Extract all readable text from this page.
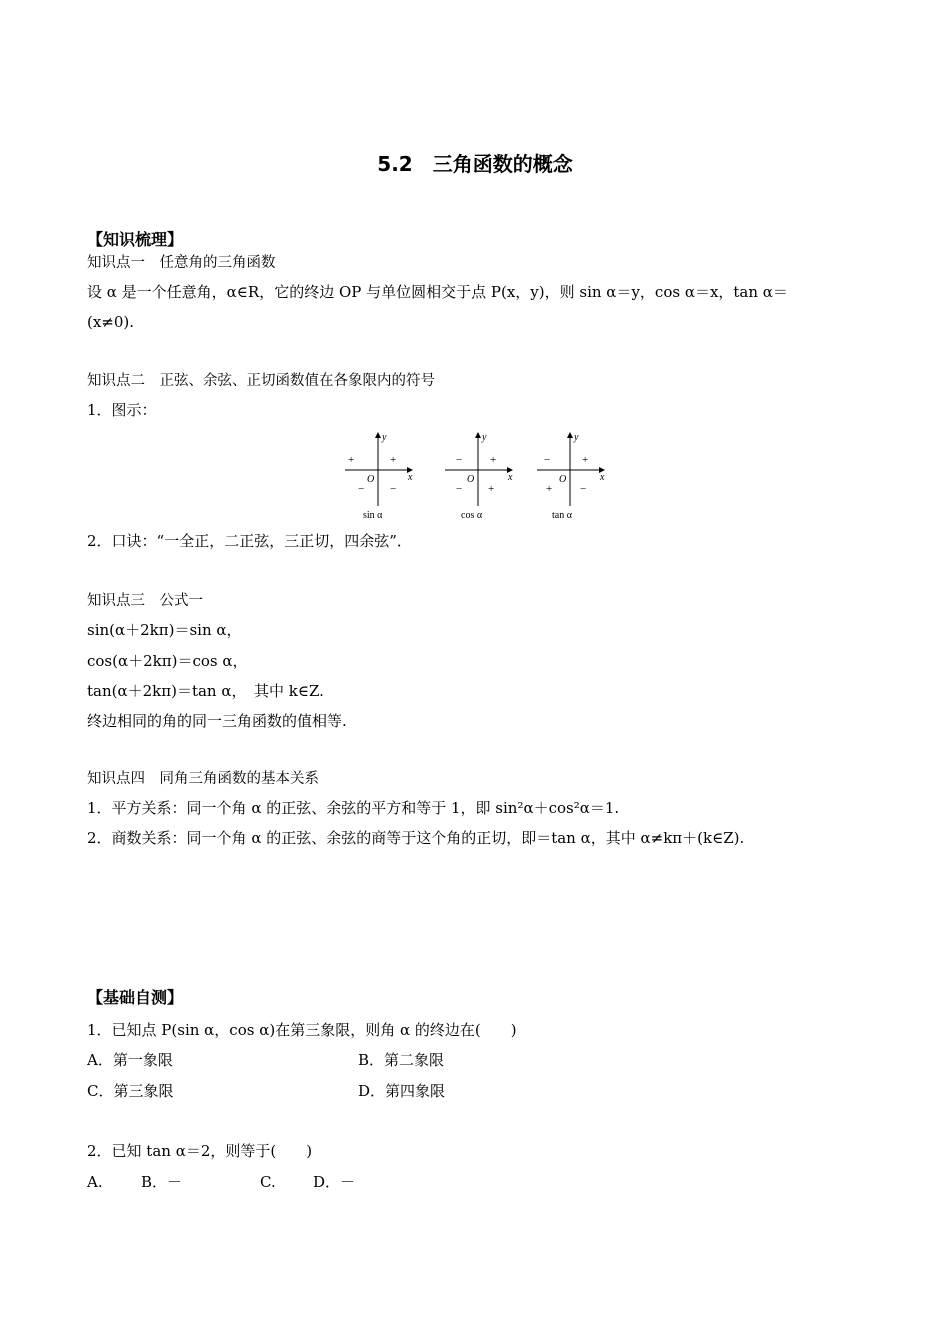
5.2　三角函数的概念
【知识梳理】
知识点一　任意角的三角函数
设 α 是一个任意角，α∈R，它的终边 OP 与单位圆相交于点 P(x，y)，则 sin α＝y，cos α＝x，tan α＝
(x≠0).
知识点二　正弦、余弦、正切函数值在各象限内的符号
1．图示：
y
x
O
+
+
− −
sin α
y
x
O
+
−
− +
cos α
y
x
O
+
−
+	−
tan α
2．口诀：“一全正，二正弦，三正切，四余弦”．
知识点三　公式一
sin(α＋2kπ)＝sin α，
cos(α＋2kπ)＝cos α，
tan(α＋2kπ)＝tan α，　其中 k∈Z.
终边相同的角的同一三角函数的值相等.
知识点四　同角三角函数的基本关系
1．平方关系：同一个角 α 的正弦、余弦的平方和等于 1，即 sin²α＋cos²α＝1.
2．商数关系：同一个角 α 的正弦、余弦的商等于这个角的正切，即＝tan α，其中 α≠kπ＋(k∈Z).
【基础自测】
1．已知点 P(sin α，cos α)在第三象限，则角 α 的终边在(　　)
A．第一象限	B．第二象限
C．第三象限	D．第四象限
2．已知 tan α＝2，则等于(　　)
A.	B．－	C. D．－
